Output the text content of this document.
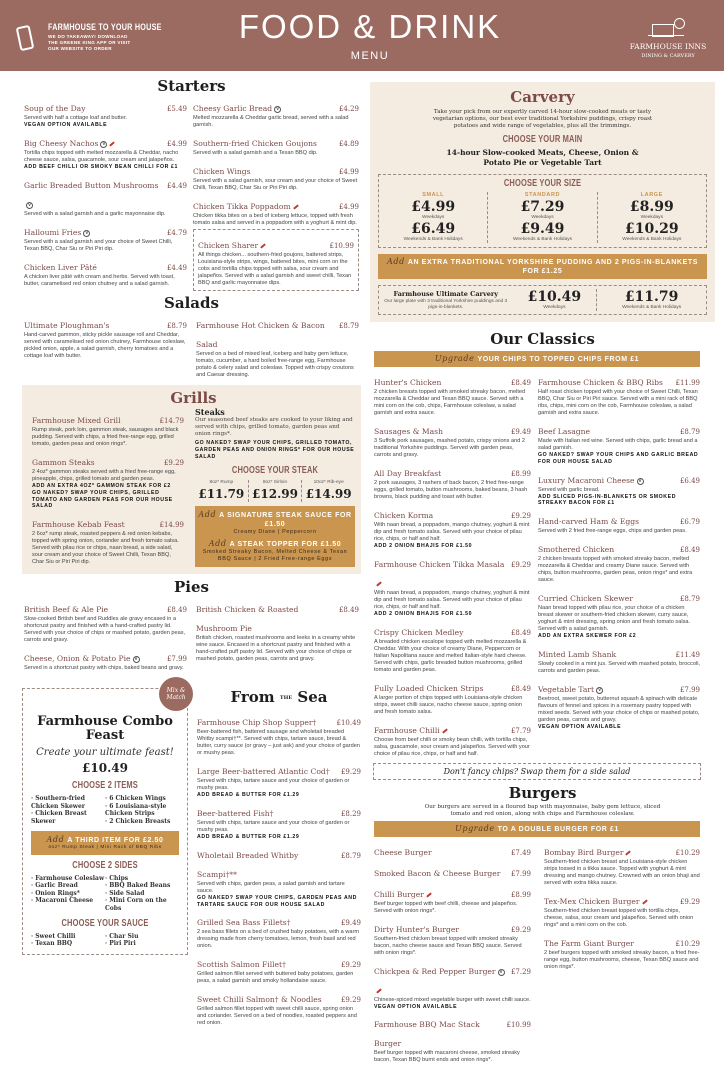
FARMHOUSE TO YOUR HOUSE
WE DO TAKEAWAY! DOWNLOAD THE GREENE KING APP OR VISIT OUR WEBSITE TO ORDER
FOOD & DRINK
MENU
FARMHOUSE INNS
DINING & CARVERY
Starters
Soup of the Day	£5.49
Served with half a cottage loaf and butter.
VEGAN OPTION AVAILABLE
Big Cheesy Nachos v	£4.99
Tortilla chips topped with melted mozzarella & Cheddar, nacho cheese sauce, salsa, guacamole, sour cream and jalapeños.
ADD BEEF CHILLI OR SMOKY BEAN CHILLI FOR £1
Garlic Breaded Button Mushroomsv
£4.49
Served with a salad garnish and a garlic mayonnaise dip.
Halloumi Fries v	£4.79
Served with a salad garnish and your choice of Sweet Chilli, Texan BBQ, Char Siu or Piri Piri dip.
Chicken Liver Pâté	£4.49
A chicken liver pâté with cream and herbs. Served with toast, butter, caramelised red onion chutney and a salad garnish.
Cheesy Garlic Bread v	£4.29
Melted mozzarella & Cheddar garlic bread, served with a salad garnish.
Southern-fried Chicken Goujons	£4.89
Served with a salad garnish and a Texan BBQ dip.
Chicken Wings	£4.99
Served with a salad garnish, sour cream and your choice of Sweet Chilli, Texan BBQ, Char Siu or Piri Piri dip.
Chicken Tikka Poppadom	£4.99
Chicken tikka bites on a bed of iceberg lettuce, topped with fresh tomato salsa and served in a poppadom with a yoghurt & mint dip.
Chicken Sharer	£10.99
All things chicken... southern-fried goujons, battered strips, Louisiana-style strips, wings, battered bites, mini corn on the cobs and tortilla chips topped with salsa, sour cream and jalapeños. Served with a salad garnish and sweet chilli, Texan BBQ and garlic mayonnaise dips.
Salads
Ultimate Ploughman's	£8.79
Hand-carved gammon, sticky pickle sausage roll and Cheddar, served with caramelised red onion chutney, Farmhouse coleslaw, pickled onion, apple, a salad garnish, cherry tomatoes and a cottage loaf with butter.
Farmhouse Hot Chicken & Bacon Salad
£8.79
Served on a bed of mixed leaf, iceberg and baby gem lettuce, tomato, cucumber, a hard boiled free-range egg, Farmhouse potato & celery salad and coleslaw. Topped with crispy croutons and Caesar dressing.
Grills
Farmhouse Mixed Grill	£14.79
Rump steak, pork loin, gammon steak, sausages and black pudding. Served with chips, a fried free-range egg, grilled tomato, garden peas and onion rings*.
Gammon Steaks	£9.29
2 4oz* gammon steaks served with a fried free-range egg, pineapple, chips, grilled tomato and garden peas.
ADD AN EXTRA 4OZ* GAMMON STEAK FOR £2
GO NAKED? SWAP YOUR CHIPS, GRILLED TOMATO AND GARDEN PEAS FOR OUR HOUSE SALAD
Farmhouse Kebab Feast	£14.99
2 6oz* rump steak, roasted peppers & red onion kebabs, topped with spring onion, coriander and fresh tomato salsa. Served with pilau rice or chips, naan bread, a side salad, sour cream and your choice of Sweet Chilli, Texan BBQ, Char Siu or Piri Piri dip.
Steaks
Our seasoned beef steaks are cooked to your liking and served with chips, grilled tomato, garden peas and onion rings*.
GO NAKED? SWAP YOUR CHIPS, GRILLED TOMATO, GARDEN PEAS AND ONION RINGS* FOR OUR HOUSE SALAD
CHOOSE YOUR STEAK
8oz* Rump
£11.79
8oz* Sirloin
£12.99
10oz* Rib-eye
£14.99
Add A SIGNATURE STEAK SAUCE FOR £1.50
Creamy Diane | Peppercorn
Add A STEAK TOPPER FOR £1.50
Smoked Streaky Bacon, Melted Cheese & Texan BBQ Sauce | 2 Fried Free-range Eggs
Pies
British Beef & Ale Pie	£8.49
Slow-cooked British beef and Ruddles ale gravy encased in a shortcrust pastry and finished with a hand-crafted pastry lid. Served with your choice of chips or mashed potato, garden peas, carrots and gravy.
Cheese, Onion & Potato Pie v	£7.99
Served in a shortcrust pastry with chips, baked beans and gravy.
British Chicken & Roasted Mushroom Pie
£8.49
British chicken, roasted mushrooms and leeks in a creamy white wine sauce. Encased in a shortcrust pastry and finished with a hand-crafted puff pastry lid. Served with your choice of chips or mashed potato, garden peas, carrots and gravy.
Mix & Match
Farmhouse Combo Feast
Create your ultimate feast!
£10.49
CHOOSE 2 ITEMS
· Southern-fried Chicken Skewer
· Chicken Breast Skewer
· 6 Chicken Wings
· 6 Louisiana-style Chicken Strips
· 2 Chicken Breasts
Add A THIRD ITEM FOR £2.50
4oz* Rump Steak | Mini Rack of BBQ Ribs
CHOOSE 2 SIDES
· Farmhouse Coleslaw
· Garlic Bread
· Onion Rings*
· Macaroni Cheese
· Chips
· BBQ Baked Beans
· Side Salad
· Mini Corn on the Cobs
CHOOSE YOUR SAUCE
· Sweet Chilli
· Texan BBQ
· Char Siu
· Piri Piri
From $^{THE}$ Sea
Farmhouse Chip Shop Supper†	£10.49
Beer-battered fish, battered sausage and wholetail breaded Whitby scampi†**. Served with chips, tartare sauce, bread & butter, curry sauce (or gravy – just ask) and your choice of garden or mushy peas.
Large Beer-battered Atlantic Cod† £9.29
Served with chips, tartare sauce and your choice of garden or mushy peas.
ADD BREAD & BUTTER FOR £1.29
Beer-battered Fish†	£8.29
Served with chips, tartare sauce and your choice of garden or mushy peas.
ADD BREAD & BUTTER FOR £1.29
Wholetail Breaded Whitby Scampi†**
£8.79
Served with chips, garden peas, a salad garnish and tartare sauce.
GO NAKED? SWAP YOUR CHIPS, GARDEN PEAS AND TARTARE SAUCE FOR OUR HOUSE SALAD
Grilled Sea Bass Fillets†	£9.49
2 sea bass fillets on a bed of crushed baby potatoes, with a warm dressing made from cherry tomatoes, lemon, fresh basil and red onion.
Scottish Salmon Fillet†	£9.29
Grilled salmon fillet served with buttered baby potatoes, garden peas, a salad garnish and smoky hollandaise sauce.
Sweet Chilli Salmon† & Noodles	£9.29
Grilled salmon fillet topped with sweet chilli sauce, spring onion and coriander. Served on a bed of noodles, roasted peppers and red onion.
Carvery
Take your pick from our expertly carved 14-hour slow-cooked meats or tasty vegetarian options, our best ever traditional Yorkshire puddings, crispy roast potatoes and wide range of vegetables, plus all the trimmings.
CHOOSE YOUR MAIN
14-hour Slow-cooked Meats, Cheese, Onion & Potato Pie or Vegetable Tart
CHOOSE YOUR SIZE
SMALL
£4.99
Weekdays
£6.49
Weekends & Bank Holidays
STANDARD
£7.29
Weekdays
£9.49
Weekends & Bank Holidays
LARGE
£8.99
Weekdays
£10.29
Weekends & Bank Holidays
Add AN EXTRA TRADITIONAL YORKSHIRE PUDDING AND 2 PIGS-IN-BLANKETS FOR £1.25
Farmhouse Ultimate Carvery
Our large plate with 3 traditional Yorkshire puddings and 3 pigs-in-blankets.
£10.49
Weekdays
£11.79
Weekends & Bank Holidays
Our Classics
Upgrade YOUR CHIPS TO TOPPED CHIPS FROM £1
Hunter's Chicken	£8.49
2 chicken breasts topped with smoked streaky bacon, melted mozzarella & Cheddar and Texan BBQ sauce. Served with a mini corn on the cob, chips, Farmhouse coleslaw, a salad garnish and extra sauce.
Sausages & Mash	£9.49
3 Suffolk pork sausages, mashed potato, crispy onions and 2 traditional Yorkshire puddings. Served with garden peas, carrots and gravy.
All Day Breakfast	£8.99
2 pork sausages, 3 rashers of back bacon, 2 fried free-range eggs, grilled tomato, button mushrooms, baked beans, 3 hash browns, black pudding and toast with butter.
Chicken Korma	£9.29
With naan bread, a poppadom, mango chutney, yoghurt & mint dip and fresh tomato salsa. Served with your choice of pilau rice, chips, or half and half.
ADD 2 ONION BHAJIS FOR £1.50
Farmhouse Chicken Tikka Masala £9.29
With naan bread, a poppadom, mango chutney, yoghurt & mint dip and fresh tomato salsa. Served with your choice of pilau rice, chips, or half and half.
ADD 2 ONION BHAJIS FOR £1.50
Crispy Chicken Medley	£8.49
A breaded chicken escalope topped with melted mozzarella & Cheddar. With your choice of creamy Diane, Peppercorn or Italian Napolitana sauce and melted Italian-style hard cheese. Served with chips, garlic breaded button mushrooms, grilled tomato and garden peas.
Fully Loaded Chicken Strips	£8.49
A larger portion of chips topped with Louisiana-style chicken strips, sweet chilli sauce, nacho cheese sauce, spring onion and fresh tomato salsa.
Farmhouse Chilli	£7.79
Choose from beef chilli or smoky bean chilli, with tortilla chips, salsa, guacamole, sour cream and jalapeños. Served with your choice of pilau rice, chips, or half and half.
Farmhouse Chicken & BBQ Ribs £11.99
Half roast chicken topped with your choice of Sweet Chilli, Texan BBQ, Char Siu or Piri Piri sauce. Served with a mini rack of BBQ ribs, chips, mini corn on the cob, Farmhouse coleslaw, a salad garnish and extra sauce.
Beef Lasagne	£8.79
Made with Italian red wine. Served with chips, garlic bread and a salad garnish.
GO NAKED? SWAP YOUR CHIPS AND GARLIC BREAD FOR OUR HOUSE SALAD
Luxury Macaroni Cheese v	£6.49
Served with garlic bread.
ADD SLICED PIGS-IN-BLANKETS OR SMOKED STREAKY BACON FOR £1
Hand-carved Ham & Eggs	£6.79
Served with 2 fried free-range eggs, chips and garden peas.
Smothered Chicken	£8.49
2 chicken breasts topped with smoked streaky bacon, melted mozzarella & Cheddar and creamy Diane sauce. Served with chips, button mushrooms, garden peas, onion rings* and extra sauce.
Curried Chicken Skewer	£8.79
Naan bread topped with pilau rice, your choice of a chicken breast skewer or southern-fried chicken skewer, curry sauce, yoghurt & mint dressing, spring onion and fresh tomato salsa. Served with a salad garnish.
ADD AN EXTRA SKEWER FOR £2
Minted Lamb Shank	£11.49
Slowly cooked in a mint jus. Served with mashed potato, broccoli, carrots and garden peas.
Vegetable Tart v	£7.99
Beetroot, sweet potato, butternut squash & spinach with delicate flavours of fennel and spices in a rosemary pastry topped with mixed seeds. Served with your choice of chips or mashed potato, garden peas, carrots and gravy.
VEGAN OPTION AVAILABLE
Don't fancy chips? Swap them for a side salad
Burgers
Our burgers are served in a floured bap with mayonnaise, baby gem lettuce, sliced tomato and red onion, along with chips and Farmhouse coleslaw.
Upgrade TO A DOUBLE BURGER FOR £1
Cheese Burger	£7.49
Smoked Bacon & Cheese Burger £7.99
Chilli Burger	£8.99
Beef burger topped with beef chilli, cheese and jalapeños. Served with onion rings*.
Dirty Hunter's Burger	£9.29
Southern-fried chicken breast topped with smoked streaky bacon, nacho cheese sauce and Texan BBQ sauce. Served with onion rings*.
Chickpea & Red Pepper Burger v	£7.29
Chinese-spiced mixed vegetable burger with sweet chilli sauce.
VEGAN OPTION AVAILABLE
Farmhouse BBQ Mac Stack Burger
£10.99
Beef burger topped with macaroni cheese, smoked streaky bacon, Texan BBQ burnt ends and onion rings*.
Bombay Bird Burger	£10.29
Southern-fried chicken breast and Louisiana-style chicken strips tossed in a tikka sauce. Topped with yoghurt & mint dressing and mango chutney. Crowned with an onion bhaji and served with extra tikka sauce.
Tex-Mex Chicken Burger	£9.29
Southern-fried chicken breast topped with tortilla chips, cheese, salsa, sour cream and jalapeños. Served with onion rings* and a mini corn on the cob.
The Farm Giant Burger	£10.29
2 beef burgers topped with smoked streaky bacon, a fried free-range egg, button mushrooms, cheese, Texan BBQ sauce and onion rings*.
